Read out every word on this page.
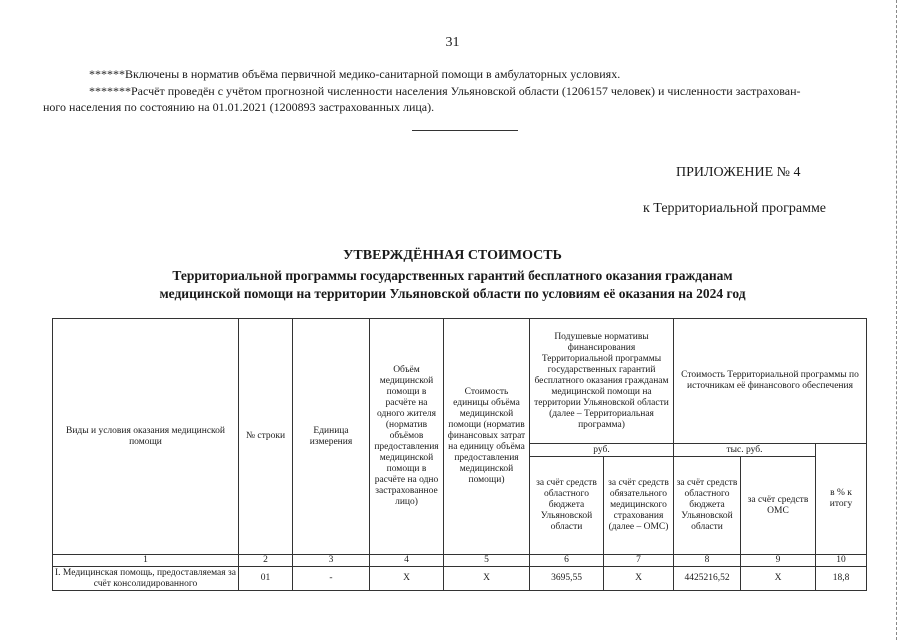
31
******Включены в норматив объёма первичной медико-санитарной помощи в амбулаторных условиях.
*******Расчёт проведён с учётом прогнозной численности населения Ульяновской области (1206157 человек) и численности застрахован-
ного населения по состоянию на 01.01.2021 (1200893 застрахованных лица).
ПРИЛОЖЕНИЕ № 4
к Территориальной программе
УТВЕРЖДЁННАЯ СТОИМОСТЬ
Территориальной программы государственных гарантий бесплатного оказания гражданам
медицинской помощи на территории Ульяновской области по условиям её оказания на 2024 год
Виды и условия оказания медицинской помощи	№ строки	Единица измерения	Объём медицинской помощи в расчёте на одного жителя (норматив объёмов предоставления медицинской помощи в расчёте на одно застрахованное лицо)	Стоимость единицы объёма медицинской помощи (норматив финансовых затрат на единицу объёма предоставления медицинской помощи)	Подушевые нормативы финансирования Территориальной программы государственных гарантий бесплатного оказания гражданам медицинской помощи на территории Ульяновской области (далее – Территориальная программа)		Стоимость Территориальной программы по источникам её финансового обеспечения		
					руб.		тыс. руб.		в % к итогу
					за счёт средств областного бюджета Ульяновской области	за счёт средств обязательного медицинского страхования (далее – ОМС)	за счёт средств областного бюджета Ульяновской области	за счёт средств ОМС	
1	2	3	4	5	6	7	8	9	10

I. Медицинская помощь, предоставляемая за счёт консолидированного	01	-	Х	Х	3695,55	Х	4425216,52	Х	18,8
